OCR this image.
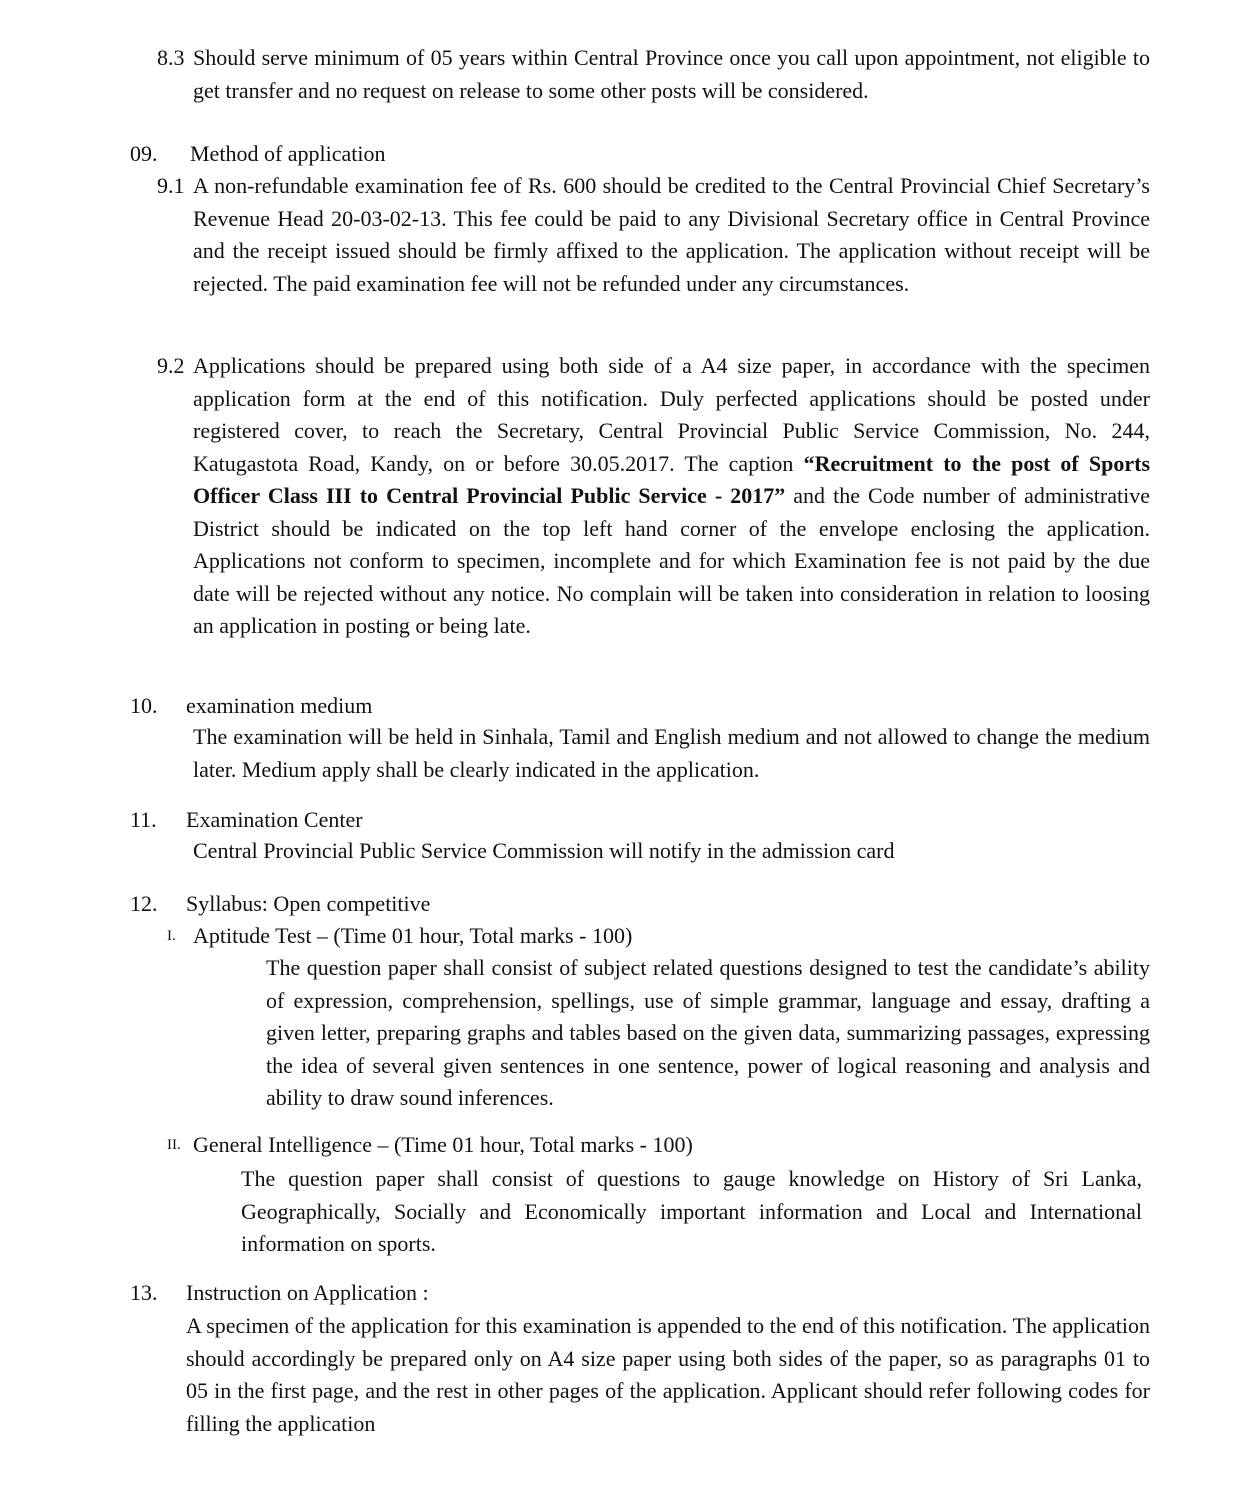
8.3 Should serve minimum of 05 years within Central Province once you call upon appointment, not eligible to get transfer and no request on release to some other posts will be considered.
09. Method of application
9.1 A non-refundable examination fee of Rs. 600 should be credited to the Central Provincial Chief Secretary’s Revenue Head 20-03-02-13. This fee could be paid to any Divisional Secretary office in Central Province and the receipt issued should be firmly affixed to the application. The application without receipt will be rejected. The paid examination fee will not be refunded under any circumstances.
9.2 Applications should be prepared using both side of a A4 size paper, in accordance with the specimen application form at the end of this notification. Duly perfected applications should be posted under registered cover, to reach the Secretary, Central Provincial Public Service Commission, No. 244, Katugastota Road, Kandy, on or before 30.05.2017. The caption “Recruitment to the post of Sports Officer Class III to Central Provincial Public Service - 2017” and the Code number of administrative District should be indicated on the top left hand corner of the envelope enclosing the application. Applications not conform to specimen, incomplete and for which Examination fee is not paid by the due date will be rejected without any notice. No complain will be taken into consideration in relation to loosing an application in posting or being late.
10. examination medium
The examination will be held in Sinhala, Tamil and English medium and not allowed to change the medium later. Medium apply shall be clearly indicated in the application.
11. Examination Center
Central Provincial Public Service Commission will notify in the admission card
12. Syllabus: Open competitive
I. Aptitude Test – (Time 01 hour, Total marks - 100)
The question paper shall consist of subject related questions designed to test the candidate’s ability of expression, comprehension, spellings, use of simple grammar, language and essay, drafting a given letter, preparing graphs and tables based on the given data, summarizing passages, expressing the idea of several given sentences in one sentence, power of logical reasoning and analysis and ability to draw sound inferences.
II. General Intelligence – (Time 01 hour, Total marks - 100)
The question paper shall consist of questions to gauge knowledge on History of Sri Lanka, Geographically, Socially and Economically important information and Local and International information on sports.
13. Instruction on Application :
A specimen of the application for this examination is appended to the end of this notification. The application should accordingly be prepared only on A4 size paper using both sides of the paper, so as paragraphs 01 to 05 in the first page, and the rest in other pages of the application. Applicant should refer following codes for filling the application
